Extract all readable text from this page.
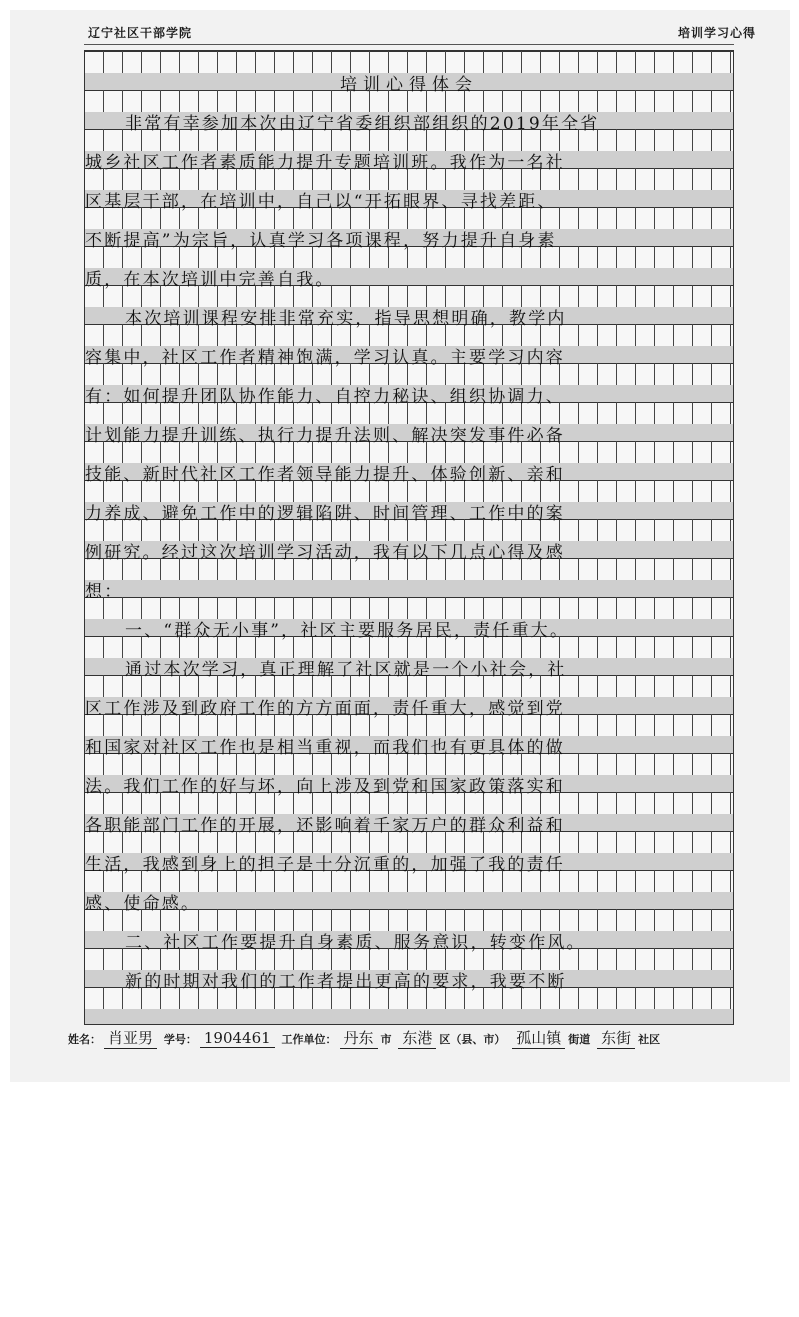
辽宁社区干部学院	培训学习心得
培训心得体会
非常有幸参加本次由辽宁省委组织部组织的2019年全省
城乡社区工作者素质能力提升专题培训班。我作为一名社
区基层干部，在培训中，自己以“开拓眼界、寻找差距、
不断提高”为宗旨，认真学习各项课程，努力提升自身素
质，在本次培训中完善自我。
本次培训课程安排非常充实，指导思想明确，教学内
容集中，社区工作者精神饱满，学习认真。主要学习内容
有：如何提升团队协作能力、自控力秘诀、组织协调力、
计划能力提升训练、执行力提升法则、解决突发事件必备
技能、新时代社区工作者领导能力提升、体验创新、亲和
力养成、避免工作中的逻辑陷阱、时间管理、工作中的案
例研究。经过这次培训学习活动，我有以下几点心得及感
想：
一、“群众无小事”，社区主要服务居民，责任重大。
通过本次学习，真正理解了社区就是一个小社会，社
区工作涉及到政府工作的方方面面，责任重大，感觉到党
和国家对社区工作也是相当重视，而我们也有更具体的做
法。我们工作的好与坏，向上涉及到党和国家政策落实和
各职能部门工作的开展，还影响着千家万户的群众利益和
生活，我感到身上的担子是十分沉重的，加强了我的责任
感、使命感。
二、社区工作要提升自身素质、服务意识，转变作风。
新的时期对我们的工作者提出更高的要求，我要不断
姓名： 肖亚男 学号： 1904461 工作单位： 丹东 市 东港 区（县、市） 孤山镇 街道 东街 社区
